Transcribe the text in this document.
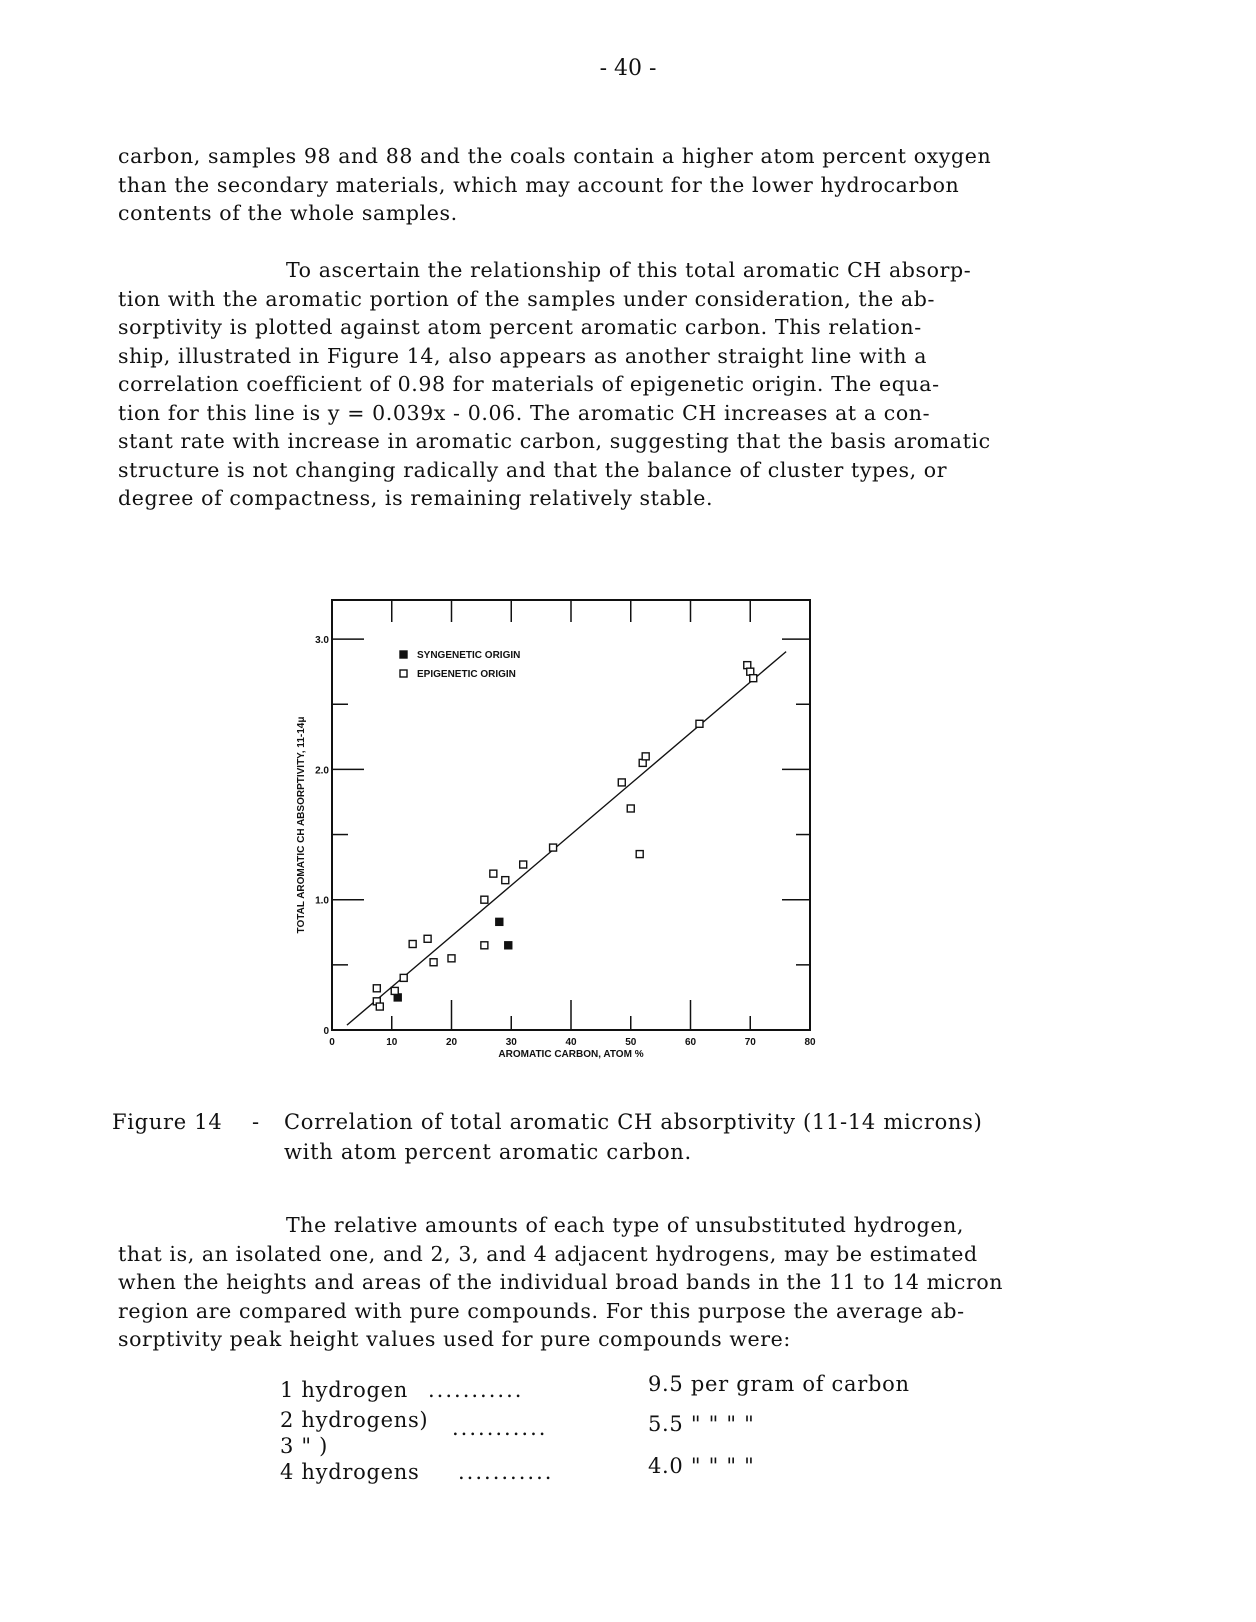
- 40 -
carbon, samples 98 and 88 and the coals contain a higher atom percent oxygen
than the secondary materials, which may account for the lower hydrocarbon
contents of the whole samples.
To ascertain the relationship of this total aromatic CH absorp-
tion with the aromatic portion of the samples under consideration, the ab-
sorptivity is plotted against atom percent aromatic carbon. This relation-
ship, illustrated in Figure 14, also appears as another straight line with a
correlation coefficient of 0.98 for materials of epigenetic origin. The equa-
tion for this line is y = 0.039x - 0.06. The aromatic CH increases at a con-
stant rate with increase in aromatic carbon, suggesting that the basis aromatic
structure is not changing radically and that the balance of cluster types, or
degree of compactness, is remaining relatively stable.
0	10	20	30	40	50	60	70	80
0
1.0
2.0
3.0
AROMATIC CARBON, ATOM %
TOTAL AROMATIC CH ABSORPTIVITY, 11-14μ
SYNGENETIC ORIGIN
EPIGENETIC ORIGIN
Figure 14 - Correlation of total aromatic CH absorptivity (11-14 microns)
with atom percent aromatic carbon.
The relative amounts of each type of unsubstituted hydrogen,
that is, an isolated one, and 2, 3, and 4 adjacent hydrogens, may be estimated
when the heights and areas of the individual broad bands in the 11 to 14 micron
region are compared with pure compounds. For this purpose the average ab-
sorptivity peak height values used for pure compounds were:
1 hydrogen ...........	9.5 per gram of carbon
2 hydrogens) ...........	5.5 " " " "
3 " )
4 hydrogens ...........	4.0 " " " "
